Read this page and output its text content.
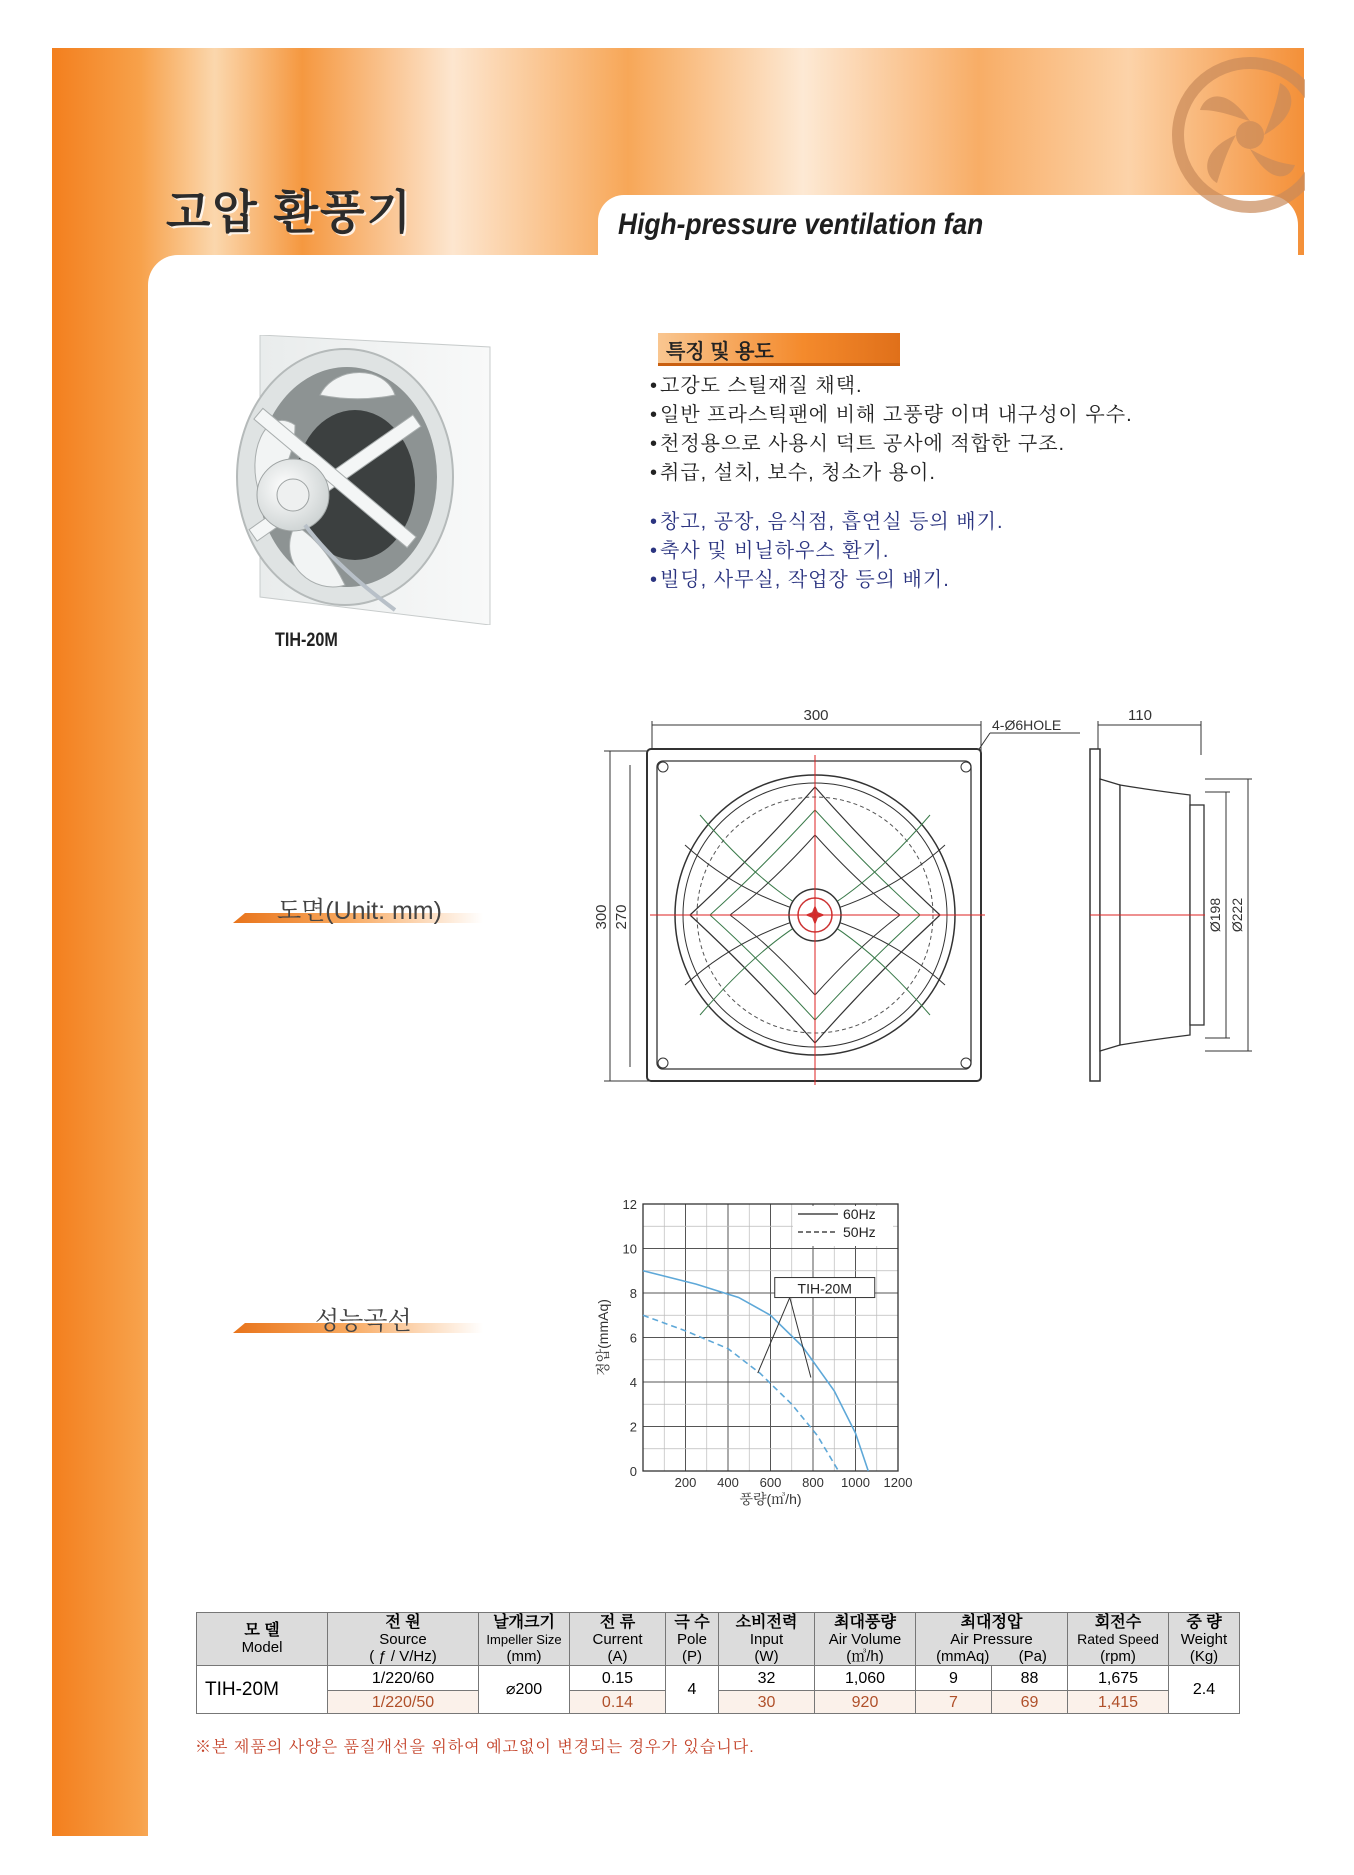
고압 환풍기	High-pressure ventilation fan
TIH-20M
특징 및 용도
• 고강도 스틸재질 채택.
• 일반 프라스틱팬에 비해 고풍량 이며 내구성이 우수.
• 천정용으로 사용시 덕트 공사에 적합한 구조.
• 취급, 설치, 보수, 청소가 용이.
• 창고, 공장, 음식점, 흡연실 등의 배기.
• 축사 및 비닐하우스 환기.
• 빌딩, 사무실, 작업장 등의 배기.
도면(Unit: mm)
성능곡선
300
4-Ø6HOLE
300 270
110
Ø198 Ø222
200 400 600 800 1000 1200
0
2
4
6
8
10
12
풍량(㎥/h)
정압(mmAq)
60Hz
50Hz
TIH-20M
모 델
Model	전 원
Source
( ƒ / V/Hz)	날개크기
Impeller Size
(mm)	전 류
Current
(A)	극 수
Pole
(P)	소비전력
Input
(W)	최대풍량
Air Volume
(㎥/h)	최대정압
Air Pressure
(mmAq) (Pa)		회전수
Rated Speed
(rpm)	중 량
Weight
(Kg)

TIH-20M	1/220/60	⌀200	0.15	4	32	1,060	9	88	1,675	2.4
	1/220/50		0.14		30	920	7	69	1,415	
※본 제품의 사양은 품질개선을 위하여 예고없이 변경되는 경우가 있습니다.
